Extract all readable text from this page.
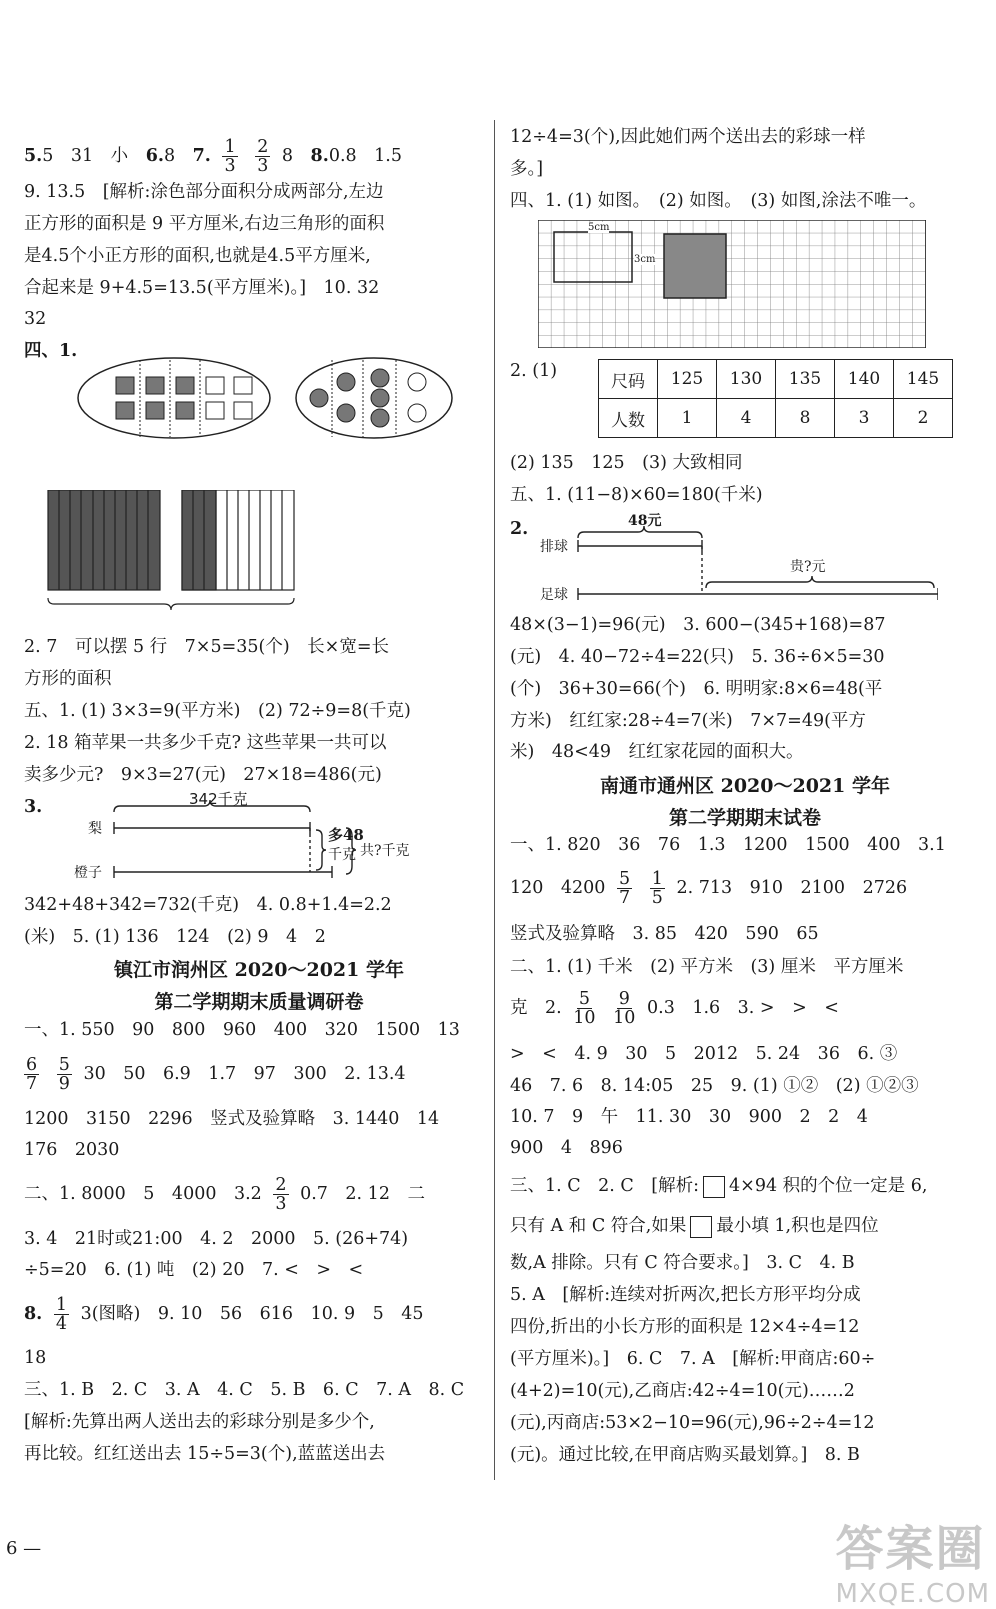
5.5　31　小　6.8　7. $\frac{1}{3}$
$\frac{2}{3} 8$　8.0.8　1.5
9. 13.5　[解析:涂色部分面积分成两部分,左边
正方形的面积是 9 平方厘米,右边三角形的面积
是4.5个小正方形的面积,也就是4.5平方厘米,
合起来是 9+4.5=13.5(平方厘米)。]　10. 32
32
四、1.
2. 7　可以摆 5 行　7×5=35(个)　长×宽=长
方形的面积
五、1. (1) 3×3=9(平方米)　(2) 72÷9=8(千克)
2. 18 箱苹果一共多少千克? 这些苹果一共可以
卖多少元?　9×3=27(元)　27×18=486(元)
3.	342千克
梨
橙子
多48
千克 共?千克
342+48+342=732(千克)　4. 0.8+1.4=2.2
(米)　5. (1) 136　124　(2) 9　4　2
镇江市润州区 2020～2021 学年
第二学期期末质量调研卷
一、1. 550　90　800　960　400　320　1500　13
$\frac{6}{7}$
$\frac{5}{9} 30$　50　6.9　1.7　97　300　2. 13.4
1200　3150　2296　竖式及验算略　3. 1440　14
176　2030
二、1. 8000　5　4000　$3.2 \frac{2}{3} 0.7$　2. 12　二
3. 4　21时或21:00　4. 2　2000　5. (26+74)
÷5=20　6. (1) 吨　(2) 20　7. <　>　<
8. $\frac{1}{4} 3$(图略)　9. 10　56　616　10. 9　5　45
18
三、1. B　2. C　3. A　4. C　5. B　6. C　7. A　8. C
[解析:先算出两人送出去的彩球分别是多少个,
再比较。红红送出去 15÷5=3(个),蓝蓝送出去
6 —
12÷4=3(个),因此她们两个送出去的彩球一样
多。]
四、1. (1) 如图。　(2) 如图。　(3) 如图,涂法不唯一。
5cm
3cm
2. (1)
尺码	125	130	135	140	145
人数	1	4	8	3	2
(2) 135　125　(3) 大致相同
五、1. (11−8)×60=180(千米)
2.	48元
排球
足球
贵?元
48×(3−1)=96(元)　3. 600−(345+168)=87
(元)　4. 40−72÷4=22(只)　5. 36÷6×5=30
(个)　36+30=66(个)　6. 明明家:8×6=48(平
方米)　红红家:28÷4=7(米)　7×7=49(平方
米)　48<49　红红家花园的面积大。
南通市通州区 2020～2021 学年
第二学期期末试卷
一、1. 820　36　76　1.3　1200　1500　400　3.1
120　$4200 \frac{5}{7}$
$\frac{1}{5} 2$. 713　910　2100　2726
竖式及验算略　3. 85　420　590　65
二、1. (1) 千米　(2) 平方米　(3) 厘米　平方厘米
克　2. $\frac{5}{10}$
$\frac{9}{10} 0.3$　1.6　3. >　>　<
>　<　4. 9　30　5　2012　5. 24　36　6. ③
46　7. 6　8. 14:05　25　9. (1) ①②　(2) ①②③
10. 7　9　午　11. 30　30　900　2　2　4
900　4　896
三、1. C　2. C　[解析: 4×94 积的个位一定是 6,
只有 A 和 C 符合,如果 最小填 1,积也是四位
数,A 排除。只有 C 符合要求。]　3. C　4. B
5. A　[解析:连续对折两次,把长方形平均分成
四份,折出的小长方形的面积是 12×4÷4=12
(平方厘米)。]　6. C　7. A　[解析:甲商店:60÷
(4+2)=10(元),乙商店:42÷4=10(元)……2
(元),丙商店:53×2−10=96(元),96÷2÷4=12
(元)。通过比较,在甲商店购买最划算。]　8. B
答案圈
MXQE.COM
